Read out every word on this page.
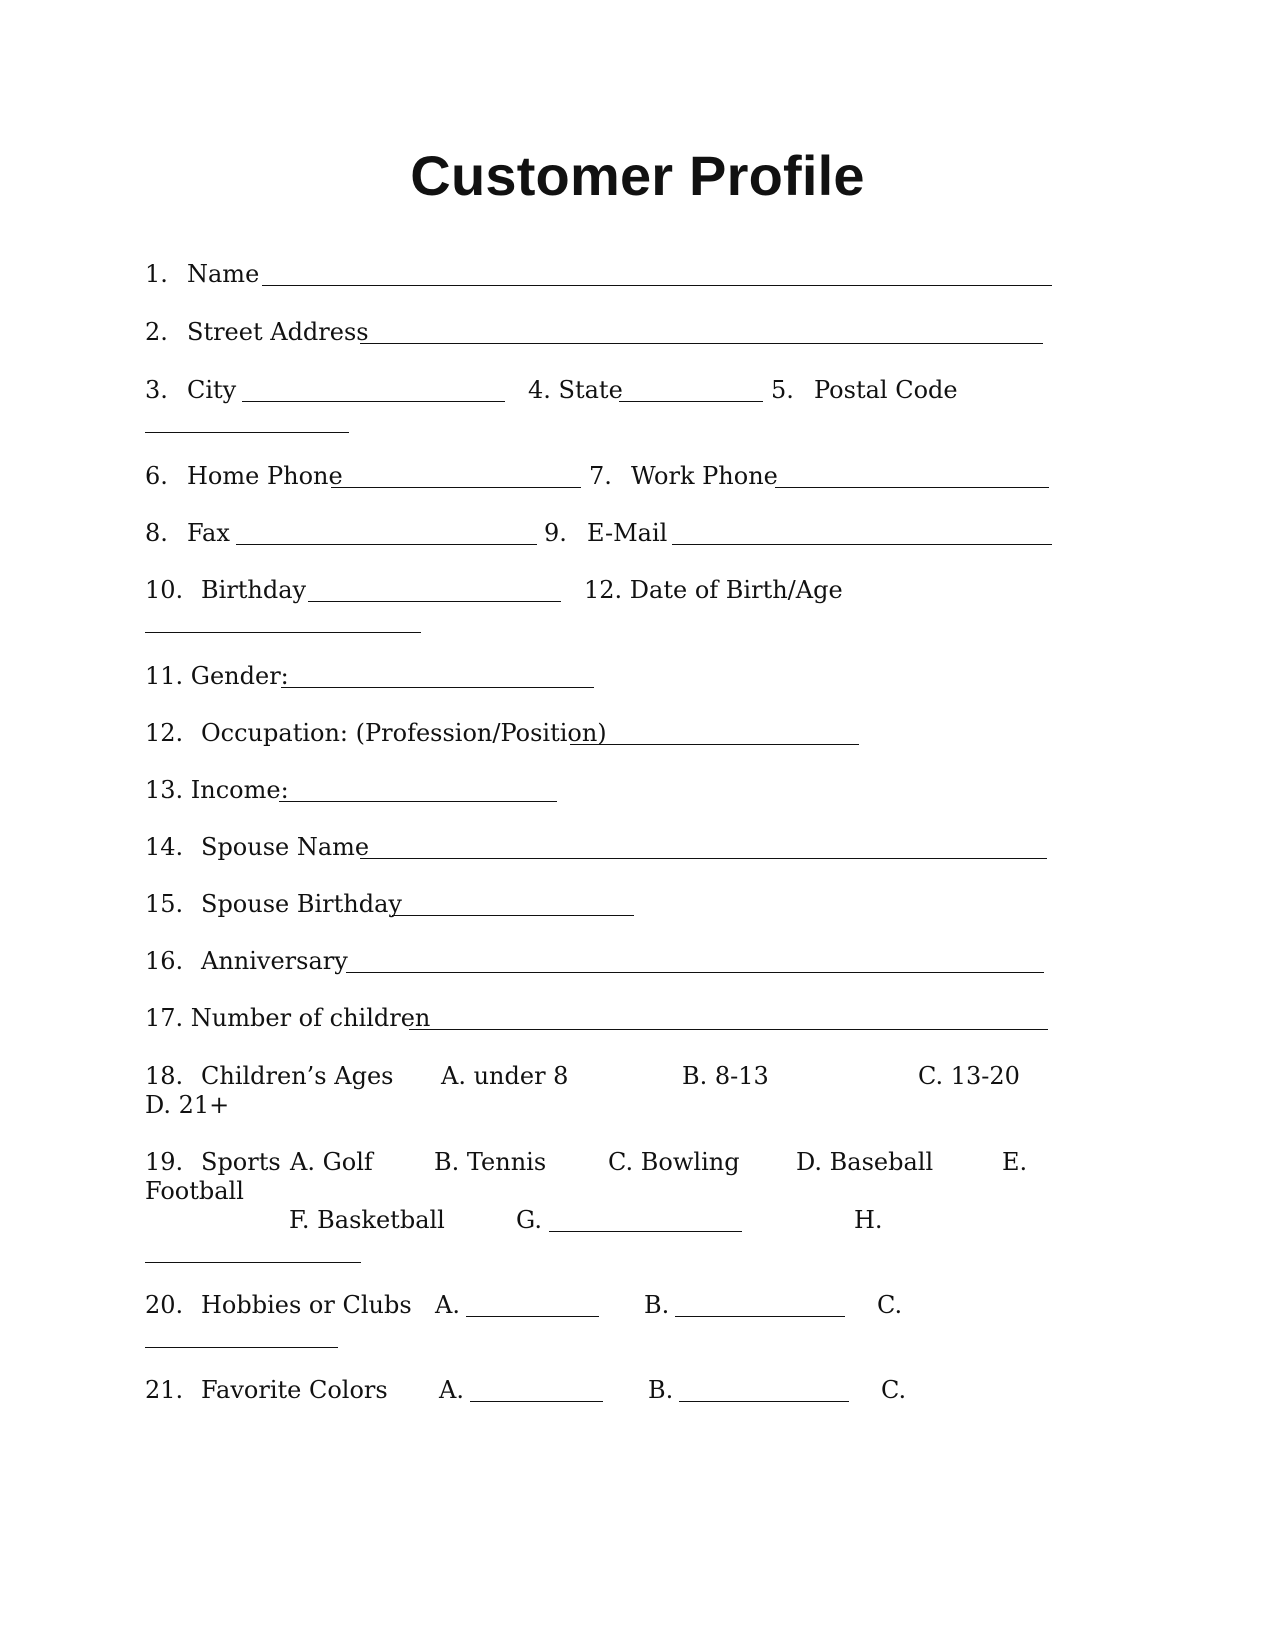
Customer Profile
1. Name
2. Street Address
3. City	4. State	5. Postal Code
6. Home Phone	7. Work Phone
8. Fax	9. E-Mail
10. Birthday	12. Date of Birth/Age
11. Gender:
12. Occupation: (Profession/Position)
13. Income:
14. Spouse Name
15. Spouse Birthday
16. Anniversary
17. Number of children
18. Children’s Ages A. under 8	B. 8-13	C. 13-20
D. 21+
19. Sports A. Golf	B. Tennis	C. Bowling D. Baseball	E.
Football
F. Basketball	G.	H.
20. Hobbies or Clubs A.	B.	C.
21. Favorite Colors A.	B.	C.
